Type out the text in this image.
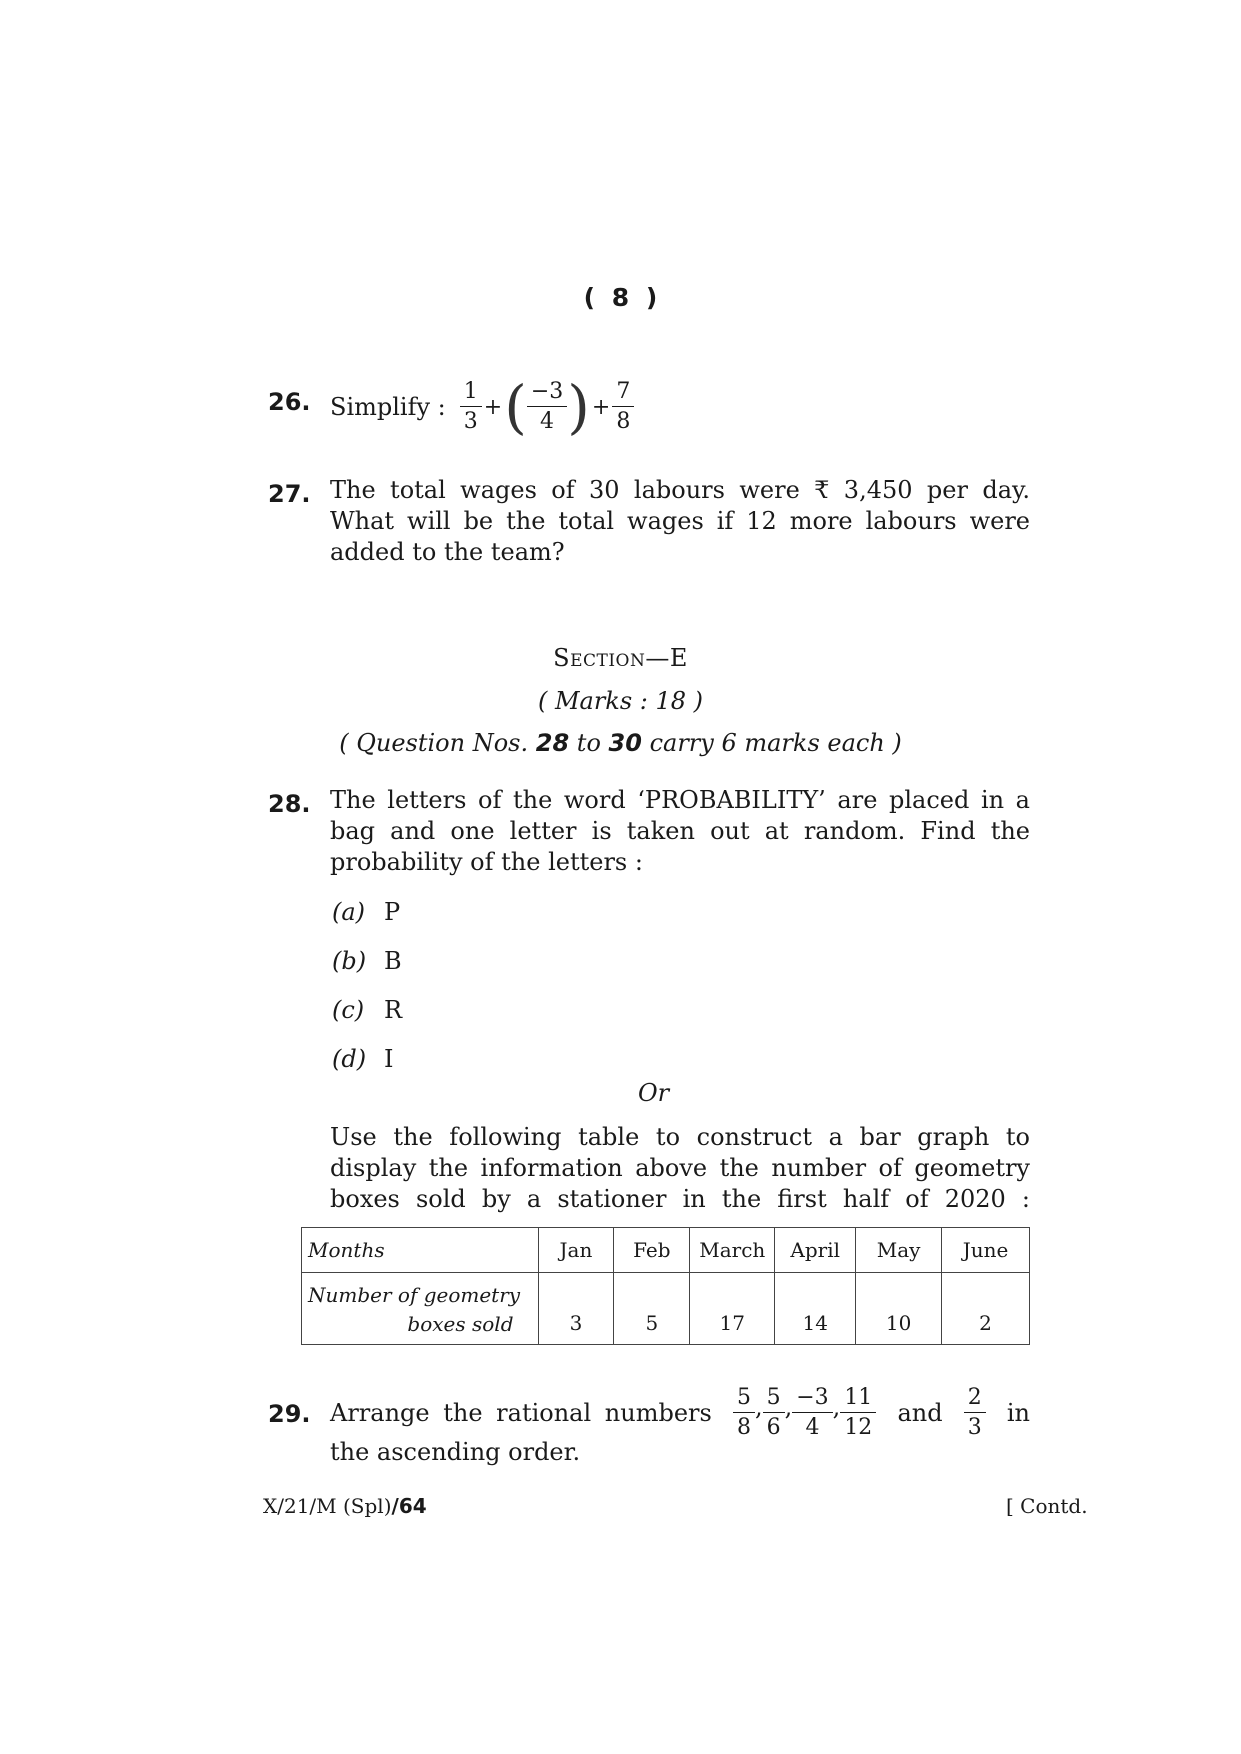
( 8 )
26. Simplify : $\frac{1}{3}$ + ( $\frac{-3}{4}$ ) + $\frac{7}{8}$
27. The total wages of 30 labours were ₹ 3,450 per day.
What will be the total wages if 12 more labours were
added to the team?
Section—E
( Marks : 18 )
( Question Nos. 28 to 30 carry 6 marks each )
28. The letters of the word ‘PROBABILITY’ are placed in a
bag and one letter is taken out at random. Find the
probability of the letters :
(a) P
(b) B
(c) R
(d) I
Or
Use the following table to construct a bar graph to
display the information above the number of geometry
boxes sold by a stationer in the first half of 2020 :
Months	Jan	Feb	March	April	May	June

Number of geometry
boxes sold	3	5	17	14	10	2
29. Arrange the rational numbers $\frac{5}{8}$ , $\frac{5}{6}$ , $\frac{-3}{4}$ , $\frac{11}{12}$ and $\frac{2}{3}$ in
the ascending order.
X/21/M (Spl)/64	[ Contd.
